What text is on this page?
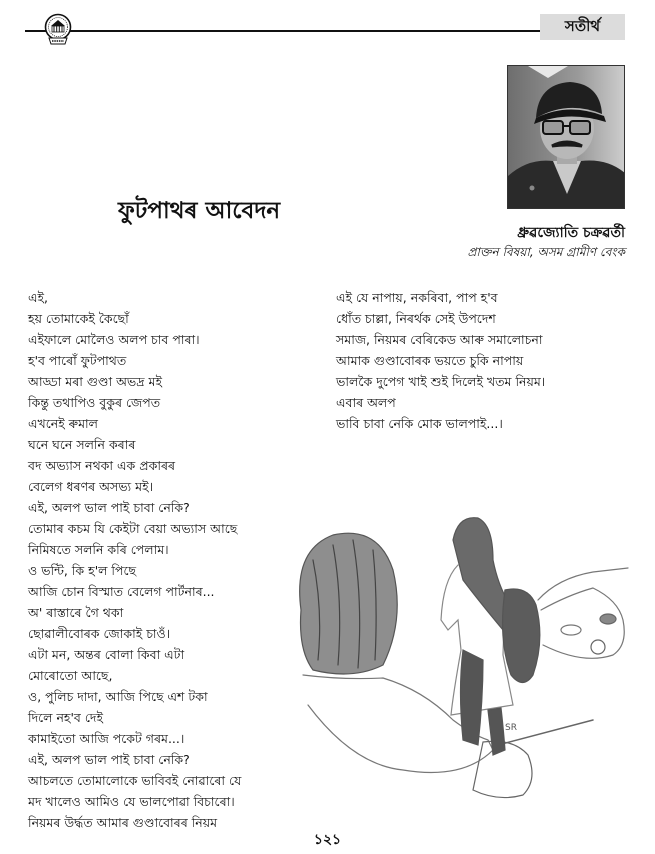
সতীৰ্থ
ফুটপাথৰ আবেদন
ধ্ৰুৱজ্যোতি চক্ৰৱৰ্তী
প্ৰাক্তন বিষয়া, অসম গ্ৰামীণ বেংক
এই,
হয় তোমাকেই কৈছোঁ
এইফালে মোলৈও অলপ চাব পাৰা।
হ'ব পাৰোঁ ফুটপাথত
আড্ডা মৰা গুণ্ডা অভদ্ৰ মই
কিন্তু তথাপিও বুকুৰ জেপত
এখনেই ৰুমাল
ঘনে ঘনে সলনি কৰাৰ
বদ অভ্যাস নথকা এক প্ৰকাৰৰ
বেলেগ ধৰণৰ অসভ্য মই।
এই, অলপ ভাল পাই চাবা নেকি?
তোমাৰ কচম যি কেইটা বেয়া অভ্যাস আছে
নিমিষতে সলনি কৰি পেলাম।
ও ভন্টি, কি হ'ল পিছে
আজি চোন বিস্মাত বেলেগ পাৰ্টনাৰ...
অ' ৰাস্তাৰে গৈ থকা
ছোৱালীবোৰক জোকাই চাওঁ।
এটা মন, অন্তৰ বোলা কিবা এটা
মোৰোতো আছে,
ও, পুলিচ দাদা, আজি পিছে এশ টকা
দিলে নহ'ব দেই
কামাইতো আজি পকেট গৰম...।
এই, অলপ ভাল পাই চাবা নেকি?
আচলতে তোমালোকে ভাবিবই নোৱাৰো যে
মদ খালেও আমিও যে ভালপোৱা বিচাৰো।
নিয়মৰ উৰ্দ্ধত আমাৰ গুণ্ডাবোৰৰ নিয়ম
এই যে নাপায়, নকৰিবা, পাপ হ'ব
ধোঁত চাল্লা, নিৰৰ্থক সেই উপদেশ
সমাজ, নিয়মৰ বেৰিকেড আৰু সমালোচনা
আমাক গুণ্ডাবোৰক ভয়তে চুকি নাপায়
ভালকৈ দুপেগ খাই শুই দিলেই খতম নিয়ম।
এবাৰ অলপ
ভাবি চাবা নেকি মোক ভালপাই...।
SR
১২১
